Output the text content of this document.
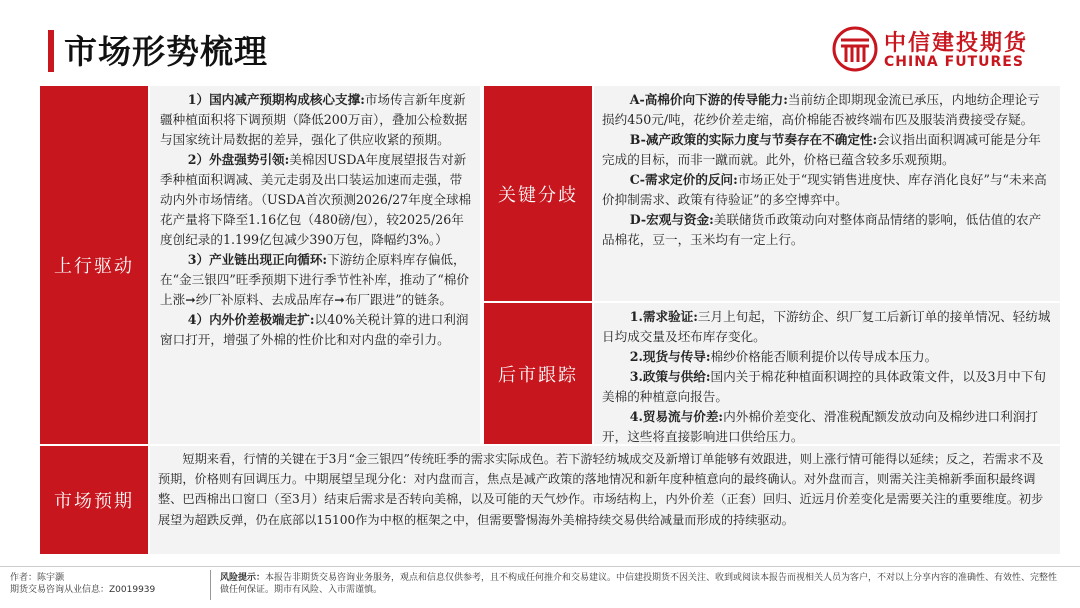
市场形势梳理	中信建投期货
CHINA FUTURES
上行驱动

1）国内减产预期构成核心支撑:市场传言新年度新疆种植面积将下调预期（降低200万亩），叠加公检数据与国家统计局数据的差异，强化了供应收紧的预期。

2）外盘强势引领:美棉因USDA年度展望报告对新季种植面积调减、美元走弱及出口装运加速而走强，带动内外市场情绪。（USDA首次预测2026/27年度全球棉花产量将下降至1.16亿包（480磅/包），较2025/26年度创纪录的1.199亿包减少390万包，降幅约3%。）

3）产业链出现正向循环:下游纺企原料库存偏低，在“金三银四”旺季预期下进行季节性补库，推动了“棉价上涨➞纱厂补原料、去成品库存➞布厂跟进”的链条。

4）内外价差极端走扩:以40%关税计算的进口利润窗口打开，增强了外棉的性价比和对内盘的牵引力。

关键分歧

A-高棉价向下游的传导能力:当前纺企即期现金流已承压，内地纺企理论亏损约450元/吨，花纱价差走缩，高价棉能否被终端布匹及服装消费接受存疑。

B-减产政策的实际力度与节奏存在不确定性:会议指出面积调减可能是分年完成的目标，而非一蹴而就。此外，价格已蕴含较多乐观预期。

C-需求定价的反问:市场正处于“现实销售进度快、库存消化良好”与“未来高价抑制需求、政策有待验证”的多空博弈中。

D-宏观与资金:美联储货币政策动向对整体商品情绪的影响，低估值的农产品棉花，豆一，玉米均有一定上行。

后市跟踪

1.需求验证:三月上旬起，下游纺企、织厂复工后新订单的接单情况、轻纺城日均成交量及坯布库存变化。

2.现货与传导:棉纱价格能否顺利提价以传导成本压力。

3.政策与供给:国内关于棉花种植面积调控的具体政策文件，以及3月中下旬美棉的种植意向报告。

4.贸易流与价差:内外棉价差变化、滑准税配额发放动向及棉纱进口利润打开，这些将直接影响进口供给压力。

市场预期
短期来看，行情的关键在于3月“金三银四”传统旺季的需求实际成色。若下游轻纺城成交及新增订单能够有效跟进，则上涨行情可能得以延续；反之，若需求不及预期，价格则有回调压力。中期展望呈现分化：对内盘而言，焦点是减产政策的落地情况和新年度种植意向的最终确认。对外盘而言，则需关注美棉新季面积最终调整、巴西棉出口窗口（至3月）结束后需求是否转向美棉，以及可能的天气炒作。市场结构上，内外价差（正套）回归、近远月价差变化是需要关注的重要维度。初步展望为超跌反弹，仍在底部以15100作为中枢的框架之中，但需要警惕海外美棉持续交易供给减量而形成的持续驱动。
作者：陈宇灏
期货交易咨询从业信息：Z0019939
风险提示：本报告非期货交易咨询业务服务，观点和信息仅供参考，且不构成任何推介和交易建议。中信建投期货不因关注、收到或阅读本报告而视相关人员为客户，不对以上分享内容的准确性、有效性、完整性做任何保证。期市有风险、入市需谨慎。
